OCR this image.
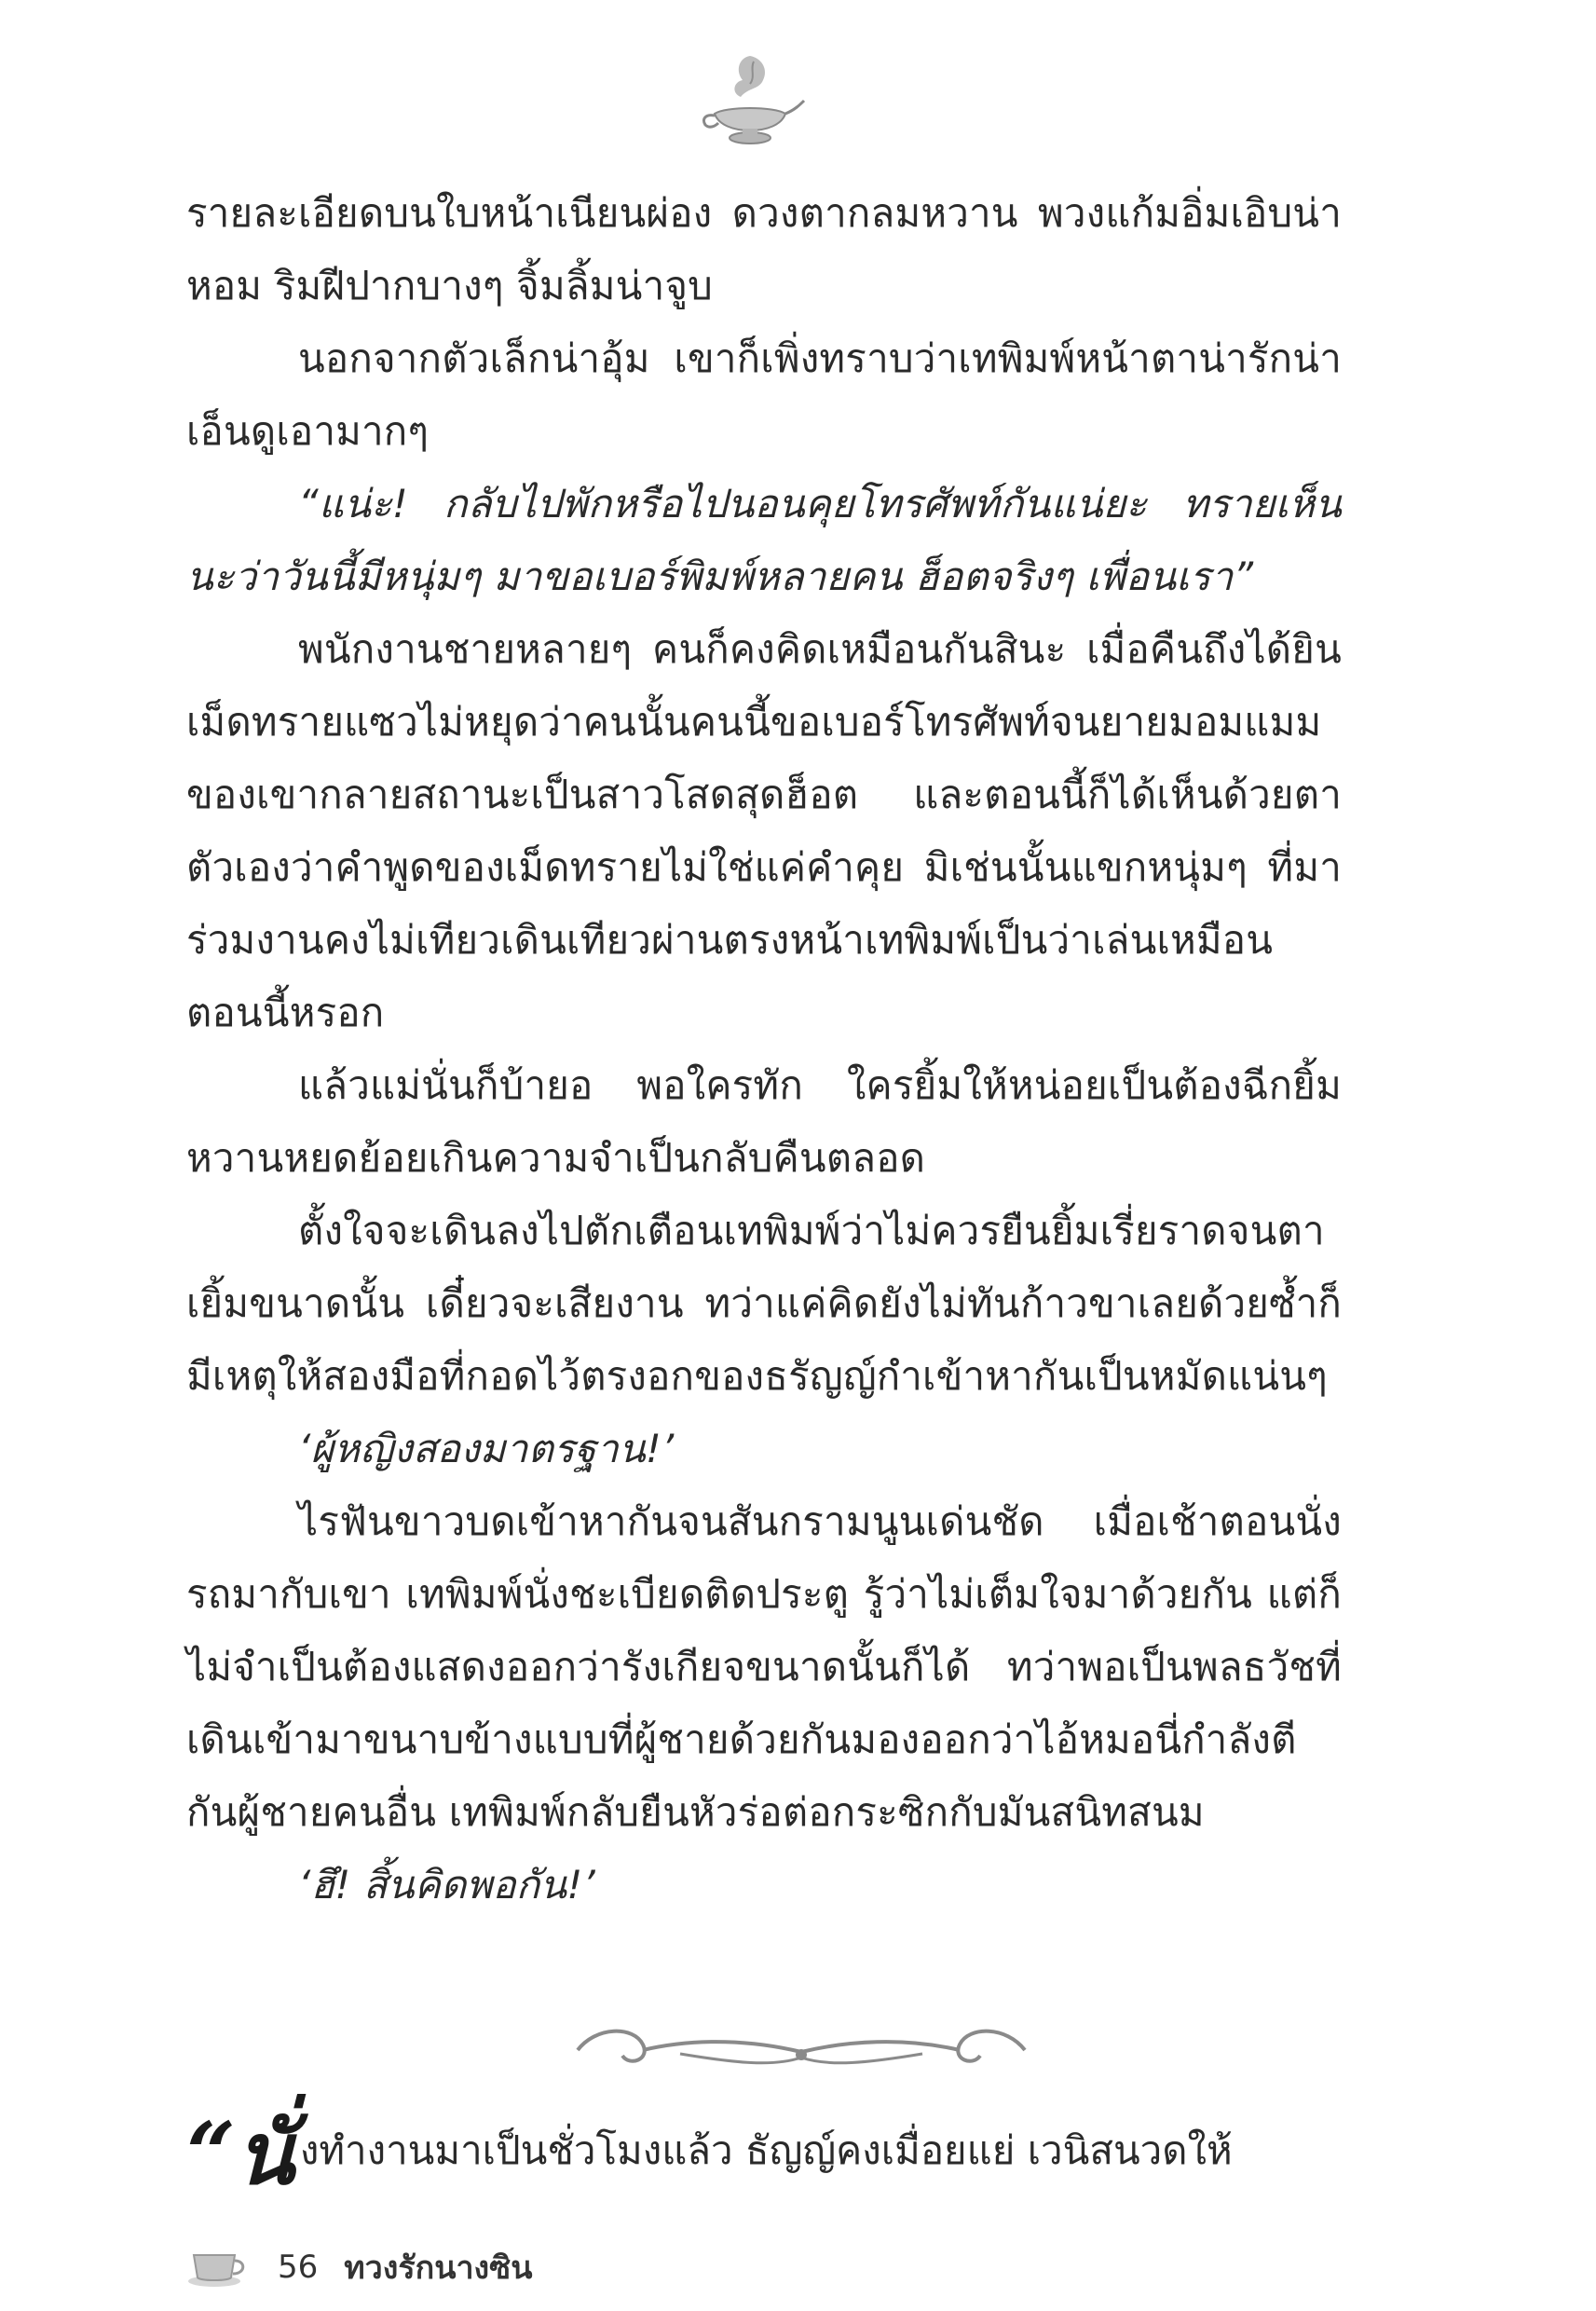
รายละเอียดบนใบหน้าเนียนผ่อง ดวงตากลมหวาน พวงแก้มอิ่มเอิบน่าหอม ริมฝีปากบางๆ จิ้มลิ้มน่าจูบ

นอกจากตัวเล็กน่าอุ้ม เขาก็เพิ่งทราบว่าเทพิมพ์หน้าตาน่ารักน่าเอ็นดูเอามากๆ

“แน่ะ! กลับไปพักหรือไปนอนคุยโทรศัพท์กันแน่ยะ ทรายเห็นนะว่าวันนี้มีหนุ่มๆ มาขอเบอร์พิมพ์หลายคน ฮ็อตจริงๆ เพื่อนเรา”

พนักงานชายหลายๆ คนก็คงคิดเหมือนกันสินะ เมื่อคืนถึงได้ยินเม็ดทรายแซวไม่หยุดว่าคนนั้นคนนี้ขอเบอร์โทรศัพท์จนยายมอมแมมของเขากลายสถานะเป็นสาวโสดสุดฮ็อต และตอนนี้ก็ได้เห็นด้วยตาตัวเองว่าคำพูดของเม็ดทรายไม่ใช่แค่คำคุย มิเช่นนั้นแขกหนุ่มๆ ที่มาร่วมงานคงไม่เทียวเดินเทียวผ่านตรงหน้าเทพิมพ์เป็นว่าเล่นเหมือนตอนนี้หรอก

แล้วแม่นั่นก็บ้ายอ พอใครทัก ใครยิ้มให้หน่อยเป็นต้องฉีกยิ้มหวานหยดย้อยเกินความจำเป็นกลับคืนตลอด

ตั้งใจจะเดินลงไปตักเตือนเทพิมพ์ว่าไม่ควรยืนยิ้มเรี่ยราดจนตาเยิ้มขนาดนั้น เดี๋ยวจะเสียงาน ทว่าแค่คิดยังไม่ทันก้าวขาเลยด้วยซ้ำก็มีเหตุให้สองมือที่กอดไว้ตรงอกของธรัญญ์กำเข้าหากันเป็นหมัดแน่นๆ

‘ผู้หญิงสองมาตรฐาน!’

ไรฟันขาวบดเข้าหากันจนสันกรามนูนเด่นชัด เมื่อเช้าตอนนั่งรถมากับเขา เทพิมพ์นั่งชะเบียดติดประตู รู้ว่าไม่เต็มใจมาด้วยกัน แต่ก็ไม่จำเป็นต้องแสดงออกว่ารังเกียจขนาดนั้นก็ได้ ทว่าพอเป็นพลธวัชที่เดินเข้ามาขนาบข้างแบบที่ผู้ชายด้วยกันมองออกว่าไอ้หมอนี่กำลังตีกันผู้ชายคนอื่น เทพิมพ์กลับยืนหัวร่อต่อกระซิกกับมันสนิทสนม

‘ฮึ! สิ้นคิดพอกัน!’

“นั่ งทำงานมาเป็นชั่วโมงแล้ว ธัญญ์คงเมื่อยแย่ เวนิสนวดให้
56 ทวงรักนางซิน
